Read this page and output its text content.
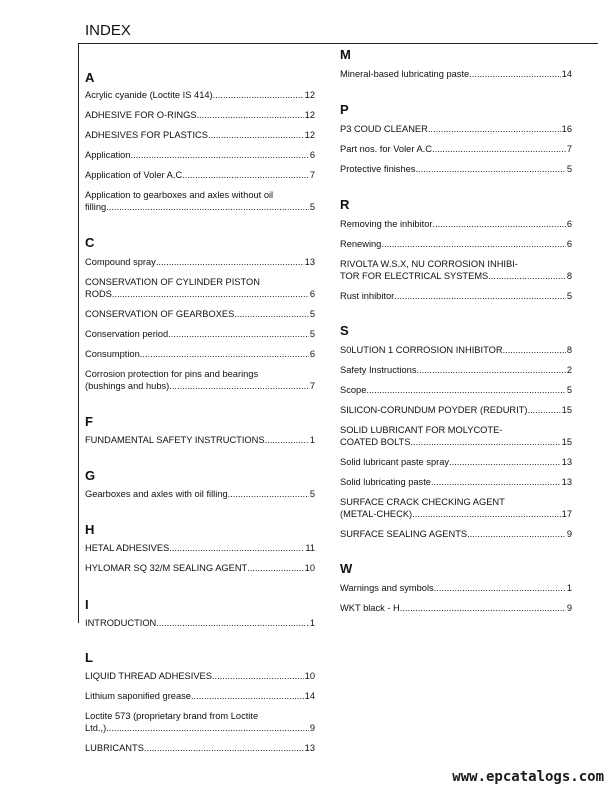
INDEX
A
Acrylic cyanide (Loctite IS 414) .....	12
ADHESIVE FOR O-RINGS .....	12
ADHESIVES FOR PLASTICS .....	12
Application .....	6
Application of Voler A.C. .....	7
Application to gearboxes and axles without oil
filling .....	5
C
Compound spray .....	13
CONSERVATION OF CYLINDER PISTON
RODS .....	6
CONSERVATION OF GEARBOXES .....	5
Conservation period .....	5
Consumption .....	6
Corrosion protection for pins and bearings
(bushings and hubs) .....	7
F
FUNDAMENTAL SAFETY INSTRUCTIONS .....	1
G
Gearboxes and axles with oil filling .....	5
H
HETAL ADHESIVES .....	11
HYLOMAR SQ 32/M SEALING AGENT .....	10
I
INTRODUCTION .....	1
L
LIQUID THREAD ADHESIVES .....	10
Lithium saponified grease .....	14
Loctite 573 (proprietary brand from Loctite
Ltd.,) .....	9
LUBRICANTS .....	13
M
Mineral-based lubricating paste .....	14
P
P3 COUD CLEANER .....	16
Part nos. for Voler A.C. .....	7
Protective finishes .....	5
R
Removing the inhibitor .....	6
Renewing .....	6
RIVOLTA W.S.X, NU CORROSION INHIBI-
TOR FOR ELECTRICAL SYSTEMS .....	8
Rust inhibitor .....	5
S
S0LUTION 1 CORROSION INHIBITOR .....	8
Safety Instructions .....	2
Scope .....	5
SILICON-CORUNDUM POYDER (REDURIT) .....	15
SOLID LUBRICANT FOR MOLYCOTE-
COATED BOLTS .....	15
Solid lubricant paste spray .....	13
Solid lubricating paste .....	13
SURFACE CRACK CHECKING AGENT
(METAL-CHECK) .....	17
SURFACE SEALING AGENTS .....	9
W
Warnings and symbols .....	1
WKT black - H .....	9
www.epcatalogs.com
